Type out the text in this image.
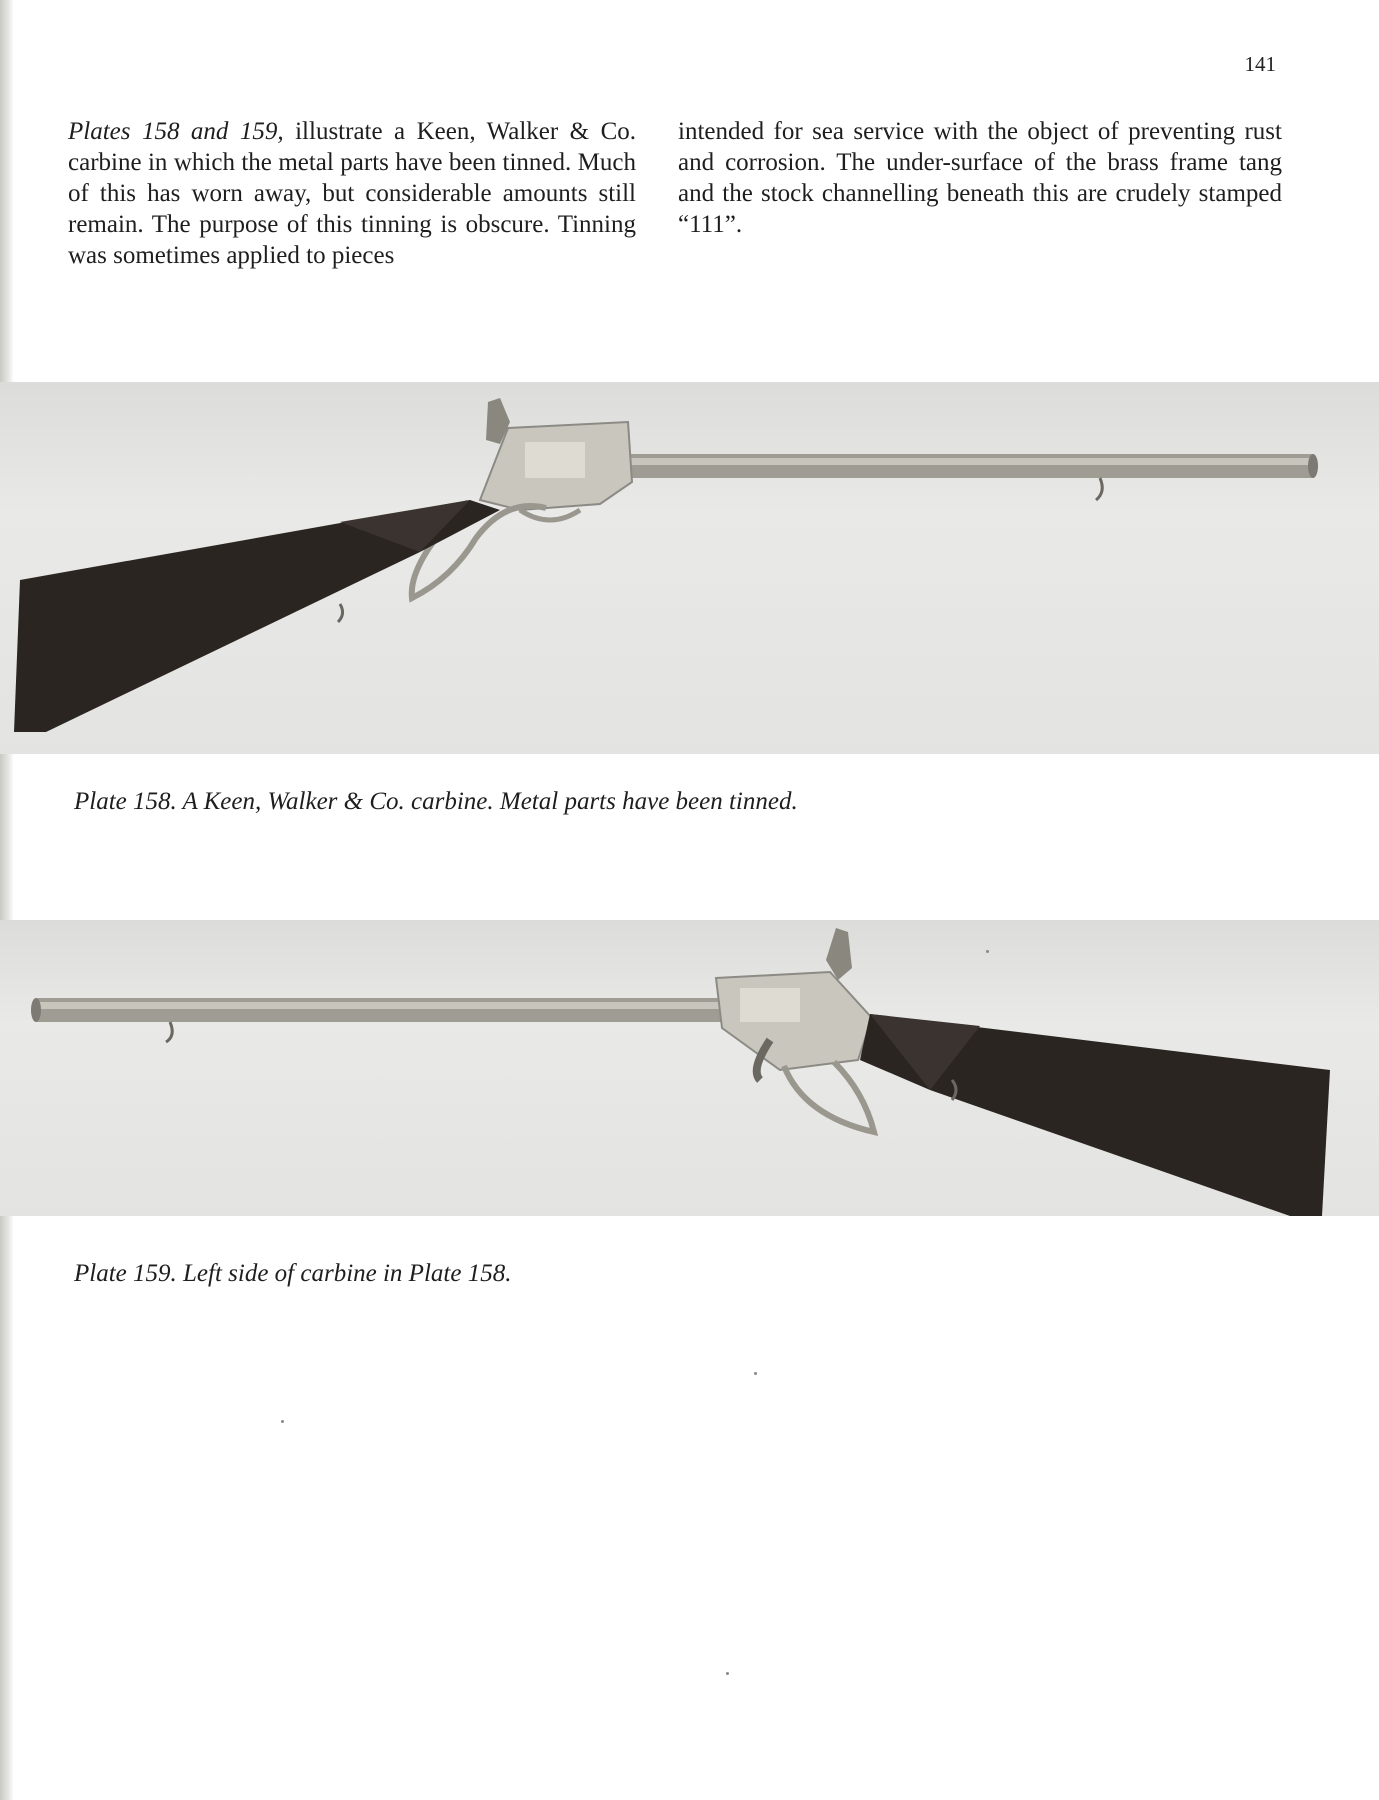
141
Plates 158 and 159, illustrate a Keen, Walker & Co. carbine in which the metal parts have been tinned. Much of this has worn away, but considerable amounts still remain. The purpose of this tinning is obscure. Tinning was sometimes applied to pieces
intended for sea service with the object of preventing rust and corrosion. The under-surface of the brass frame tang and the stock channelling beneath this are crudely stamped “111”.
Plate 158. A Keen, Walker & Co. carbine. Metal parts have been tinned.
Plate 159. Left side of carbine in Plate 158.
